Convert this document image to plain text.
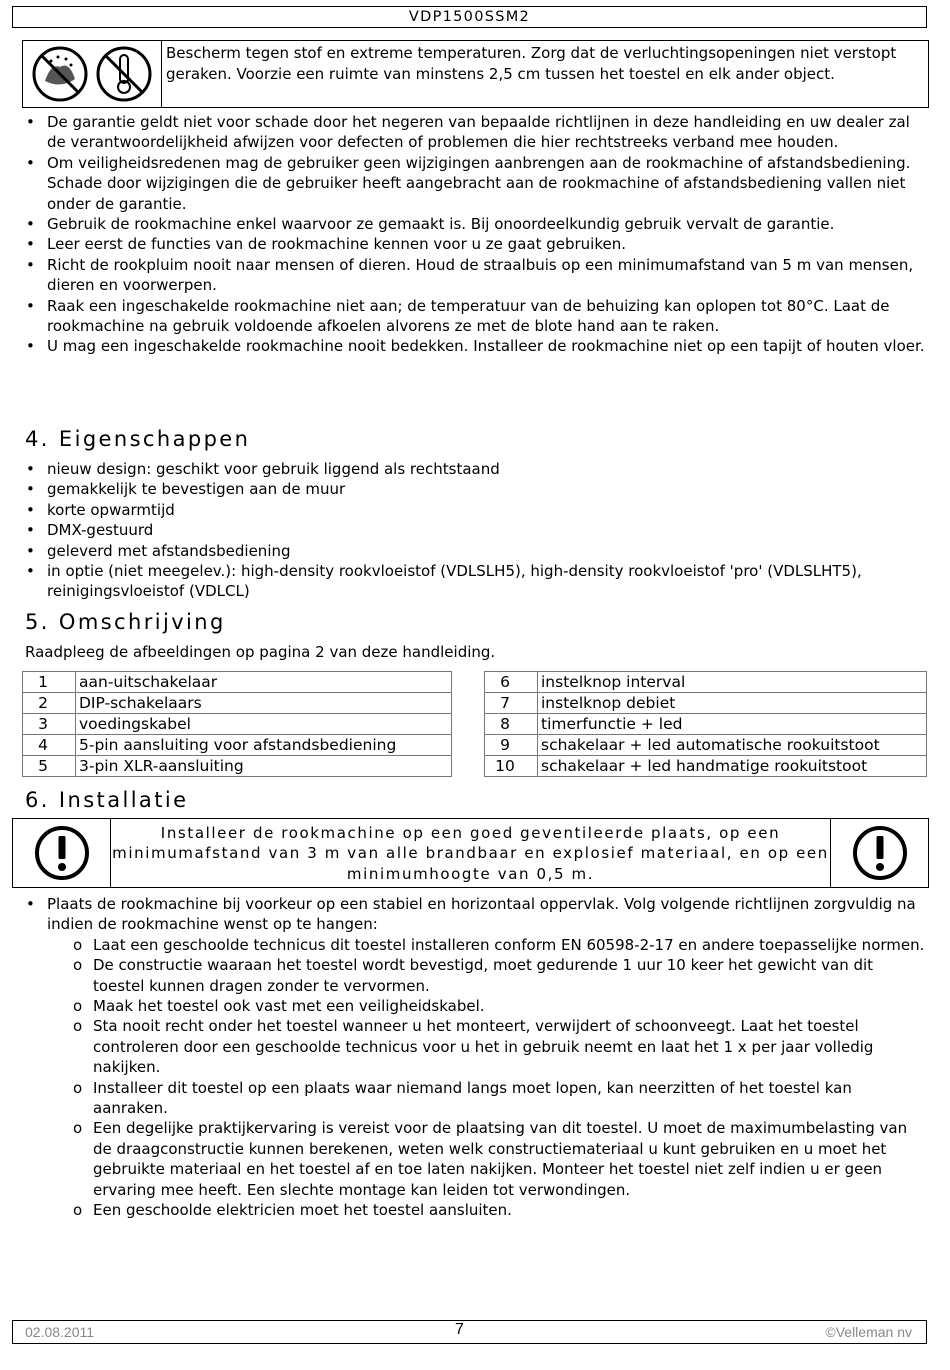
VDP1500SSM2
Bescherm tegen stof en extreme temperaturen. Zorg dat de verluchtingsopeningen niet verstopt geraken. Voorzie een ruimte van minstens 2,5 cm tussen het toestel en elk ander object.
• De garantie geldt niet voor schade door het negeren van bepaalde richtlijnen in deze handleiding en uw dealer zal de verantwoordelijkheid afwijzen voor defecten of problemen die hier rechtstreeks verband mee houden.
• Om veiligheidsredenen mag de gebruiker geen wijzigingen aanbrengen aan de rookmachine of afstandsbediening. Schade door wijzigingen die de gebruiker heeft aangebracht aan de rookmachine of afstandsbediening vallen niet onder de garantie.
• Gebruik de rookmachine enkel waarvoor ze gemaakt is. Bij onoordeelkundig gebruik vervalt de garantie.
• Leer eerst de functies van de rookmachine kennen voor u ze gaat gebruiken.
• Richt de rookpluim nooit naar mensen of dieren. Houd de straalbuis op een minimumafstand van 5 m van mensen, dieren en voorwerpen.
• Raak een ingeschakelde rookmachine niet aan; de temperatuur van de behuizing kan oplopen tot 80°C. Laat de rookmachine na gebruik voldoende afkoelen alvorens ze met de blote hand aan te raken.
• U mag een ingeschakelde rookmachine nooit bedekken. Installeer de rookmachine niet op een tapijt of houten vloer.
4. Eigenschappen
• nieuw design: geschikt voor gebruik liggend als rechtstaand
• gemakkelijk te bevestigen aan de muur
• korte opwarmtijd
• DMX-gestuurd
• geleverd met afstandsbediening
• in optie (niet meegelev.): high-density rookvloeistof (VDLSLH5), high-density rookvloeistof 'pro' (VDLSLHT5), reinigingsvloeistof (VDLCL)
5. Omschrijving
Raadpleeg de afbeeldingen op pagina 2 van deze handleiding.
1	aan-uitschakelaar
2	DIP-schakelaars
3	voedingskabel
4	5-pin aansluiting voor afstandsbediening
5	3-pin XLR-aansluiting
6	instelknop interval
7	instelknop debiet
8	timerfunctie + led
9	schakelaar + led automatische rookuitstoot
10	schakelaar + led handmatige rookuitstoot
6. Installatie
Installeer de rookmachine op een goed geventileerde plaats, op een minimumafstand van 3 m van alle brandbaar en explosief materiaal, en op een minimumhoogte van 0,5 m.
• Plaats de rookmachine bij voorkeur op een stabiel en horizontaal oppervlak. Volg volgende richtlijnen zorgvuldig na indien de rookmachine wenst op te hangen:
o Laat een geschoolde technicus dit toestel installeren conform EN 60598-2-17 en andere toepasselijke normen.
o De constructie waaraan het toestel wordt bevestigd, moet gedurende 1 uur 10 keer het gewicht van dit toestel kunnen dragen zonder te vervormen.
o Maak het toestel ook vast met een veiligheidskabel.
o Sta nooit recht onder het toestel wanneer u het monteert, verwijdert of schoonveegt. Laat het toestel controleren door een geschoolde technicus voor u het in gebruik neemt en laat het 1 x per jaar volledig nakijken.
o Installeer dit toestel op een plaats waar niemand langs moet lopen, kan neerzitten of het toestel kan aanraken.
o Een degelijke praktijkervaring is vereist voor de plaatsing van dit toestel. U moet de maximumbelasting van de draagconstructie kunnen berekenen, weten welk constructiemateriaal u kunt gebruiken en u moet het gebruikte materiaal en het toestel af en toe laten nakijken. Monteer het toestel niet zelf indien u er geen ervaring mee heeft. Een slechte montage kan leiden tot verwondingen.
o Een geschoolde elektricien moet het toestel aansluiten.
02.08.2011	7	©Velleman nv
